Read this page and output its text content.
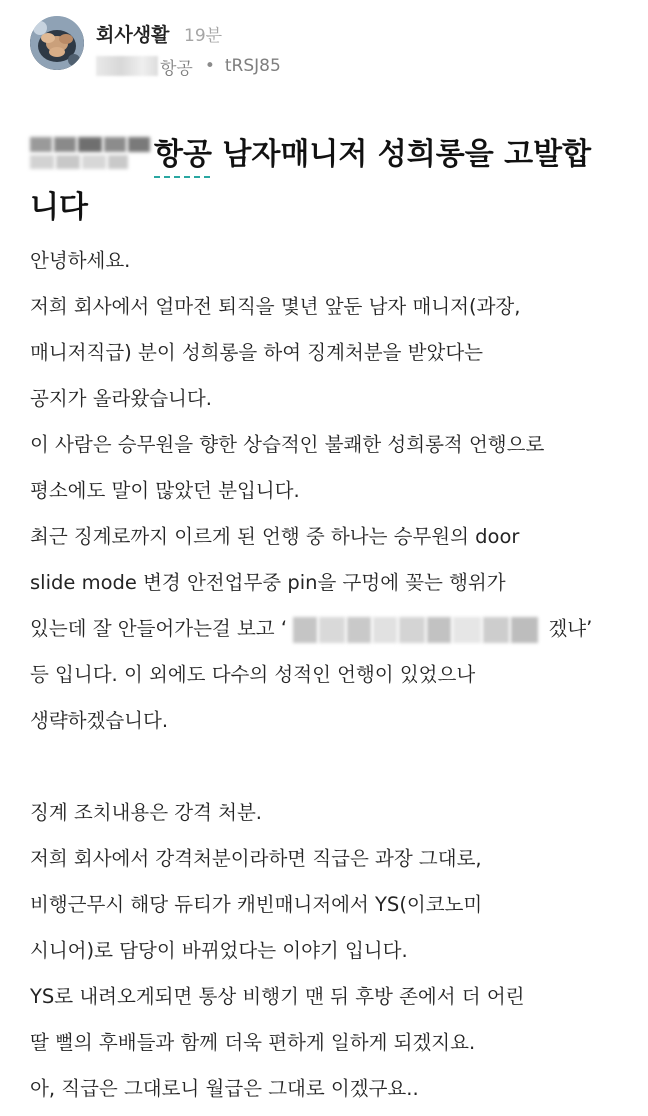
회사생활 19분
항공 • tRSJ85
항공 남자매니저 성희롱을 고발합
니다
안녕하세요.
저희 회사에서 얼마전 퇴직을 몇년 앞둔 남자 매니저(과장,
매니저직급) 분이 성희롱을 하여 징계처분을 받았다는
공지가 올라왔습니다.
이 사람은 승무원을 향한 상습적인 불쾌한 성희롱적 언행으로
평소에도 말이 많았던 분입니다.
최근 징계로까지 이르게 된 언행 중 하나는 승무원의 door
slide mode 변경 안전업무중 pin을 구멍에 꽂는 행위가
있는데 잘 안들어가는걸 보고 ‘	겠냐’
등 입니다. 이 외에도 다수의 성적인 언행이 있었으나
생략하겠습니다.
징계 조치내용은 강격 처분.
저희 회사에서 강격처분이라하면 직급은 과장 그대로,
비행근무시 해당 듀티가 캐빈매니저에서 YS(이코노미
시니어)로 담당이 바뀌었다는 이야기 입니다.
YS로 내려오게되면 통상 비행기 맨 뒤 후방 존에서 더 어린
딸 뻘의 후배들과 함께 더욱 편하게 일하게 되겠지요.
아, 직급은 그대로니 월급은 그대로 이겠구요..
